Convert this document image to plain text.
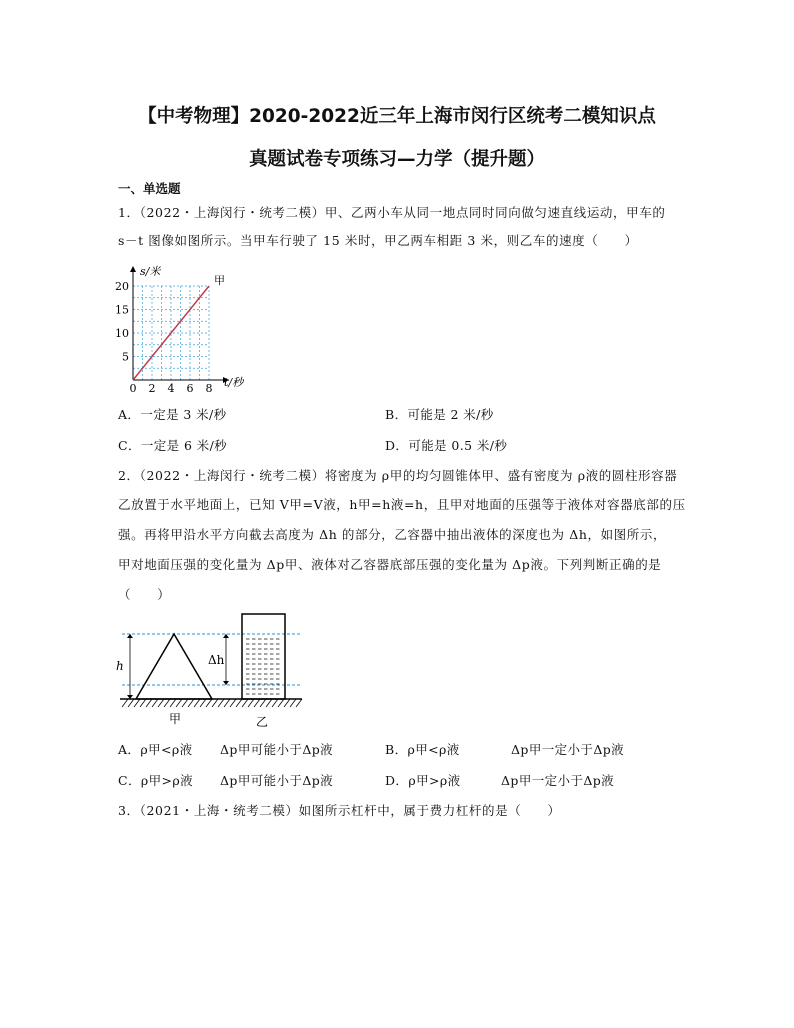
【中考物理】2020-2022近三年上海市闵行区统考二模知识点
真题试卷专项练习—力学（提升题）
一、单选题
1．（2022・上海闵行・统考二模）甲、乙两小车从同一地点同时同向做匀速直线运动，甲车的
s－t 图像如图所示。当甲车行驶了 15 米时，甲乙两车相距 3 米，则乙车的速度（　　）
s/米
t/秒
0 2 4 6 8
5
10
15
20	甲
A．一定是 3 米/秒	B．可能是 2 米/秒
C．一定是 6 米/秒	D．可能是 0.5 米/秒
2．（2022・上海闵行・统考二模）将密度为 ρ甲的均匀圆锥体甲、盛有密度为 ρ液的圆柱形容器
乙放置于水平地面上，已知 V甲=V液，h甲=h液=h，且甲对地面的压强等于液体对容器底部的压
强。再将甲沿水平方向截去高度为 Δh 的部分，乙容器中抽出液体的深度也为 Δh，如图所示，
甲对地面压强的变化量为 Δp甲、液体对乙容器底部压强的变化量为 Δp液。下列判断正确的是
（　　）
h	Δh
甲	乙
A．ρ甲<ρ液 Δp甲可能小于Δp液	B．ρ甲<ρ液	Δp甲一定小于Δp液
C．ρ甲>ρ液 Δp甲可能小于Δp液	D．ρ甲>ρ液	Δp甲一定小于Δp液
3．（2021・上海・统考二模）如图所示杠杆中，属于费力杠杆的是（　　）
